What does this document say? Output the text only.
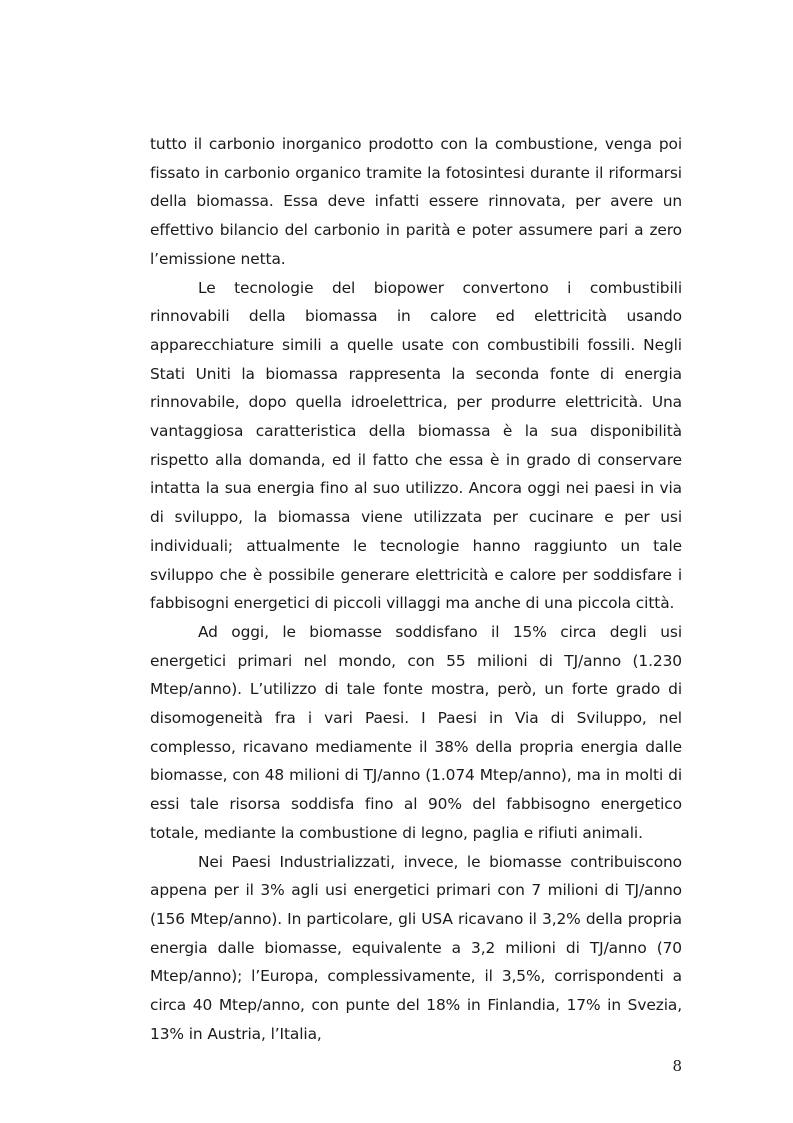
tutto il carbonio inorganico prodotto con la combustione, venga poi fissato in carbonio organico tramite la fotosintesi durante il riformarsi della biomassa. Essa deve infatti essere rinnovata, per avere un effettivo bilancio del carbonio in parità e poter assumere pari a zero l’emissione netta.

Le tecnologie del biopower convertono i combustibili rinnovabili della biomassa in calore ed elettricità usando apparecchiature simili a quelle usate con combustibili fossili. Negli Stati Uniti la biomassa rappresenta la seconda fonte di energia rinnovabile, dopo quella idroelettrica, per produrre elettricità. Una vantaggiosa caratteristica della biomassa è la sua disponibilità rispetto alla domanda, ed il fatto che essa è in grado di conservare intatta la sua energia fino al suo utilizzo. Ancora oggi nei paesi in via di sviluppo, la biomassa viene utilizzata per cucinare e per usi individuali; attualmente le tecnologie hanno raggiunto un tale sviluppo che è possibile generare elettricità e calore per soddisfare i fabbisogni energetici di piccoli villaggi ma anche di una piccola città.

Ad oggi, le biomasse soddisfano il 15% circa degli usi energetici primari nel mondo, con 55 milioni di TJ/anno (1.230 Mtep/anno). L’utilizzo di tale fonte mostra, però, un forte grado di disomogeneità fra i vari Paesi. I Paesi in Via di Sviluppo, nel complesso, ricavano mediamente il 38% della propria energia dalle biomasse, con 48 milioni di TJ/anno (1.074 Mtep/anno), ma in molti di essi tale risorsa soddisfa fino al 90% del fabbisogno energetico totale, mediante la combustione di legno, paglia e rifiuti animali.

Nei Paesi Industrializzati, invece, le biomasse contribuiscono appena per il 3% agli usi energetici primari con 7 milioni di TJ/anno (156 Mtep/anno). In particolare, gli USA ricavano il 3,2% della propria energia dalle biomasse, equivalente a 3,2 milioni di TJ/anno (70 Mtep/anno); l’Europa, complessivamente, il 3,5%, corrispondenti a circa 40 Mtep/anno, con punte del 18% in Finlandia, 17% in Svezia, 13% in Austria, l’Italia,

8
